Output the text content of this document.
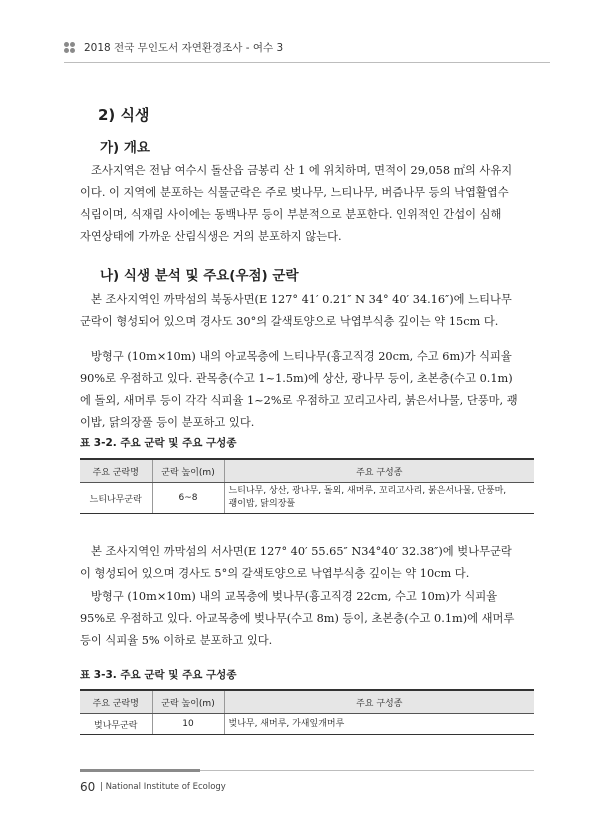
2018 전국 무인도서 자연환경조사 - 여수 3
2) 식생
가) 개요
조사지역은 전남 여수시 돌산읍 금봉리 산 1 에 위치하며, 면적이 29,058 ㎡의 사유지
이다. 이 지역에 분포하는 식물군락은 주로 벚나무, 느티나무, 버즘나무 등의 낙엽활엽수
식림이며, 식재림 사이에는 동백나무 등이 부분적으로 분포한다. 인위적인 간섭이 심해
자연상태에 가까운 산림식생은 거의 분포하지 않는다.
나) 식생 분석 및 주요(우점) 군락
본 조사지역인 까막섬의 북동사면(E 127° 41′ 0.21″ N 34° 40′ 34.16″)에 느티나무
군락이 형성되어 있으며 경사도 30°의 갈색토양으로 낙엽부식층 깊이는 약 15cm 다.
방형구 (10m×10m) 내의 아교목층에 느티나무(흉고직경 20cm, 수고 6m)가 식피율
90%로 우점하고 있다. 관목층(수고 1~1.5m)에 상산, 광나무 등이, 초본층(수고 0.1m)
에 돌외, 새머루 등이 각각 식피율 1~2%로 우점하고 꼬리고사리, 붉은서나물, 단풍마, 괭
이밥, 닭의장풀 등이 분포하고 있다.
표 3-2. 주요 군락 및 주요 구성종
주요 군락명	군락 높이(m)	주요 구성종
느티나무군락	6~8	느티나무, 상산, 광나무, 돌외, 새머루, 꼬리고사리, 붉은서나물, 단풍마,
괭이밥, 닭의장풀
본 조사지역인 까막섬의 서사면(E 127° 40′ 55.65″ N34°40′ 32.38″)에 벚나무군락
이 형성되어 있으며 경사도 5°의 갈색토양으로 낙엽부식층 깊이는 약 10cm 다.
방형구 (10m×10m) 내의 교목층에 벚나무(흉고직경 22cm, 수고 10m)가 식피율
95%로 우점하고 있다. 아교목층에 벚나무(수고 8m) 등이, 초본층(수고 0.1m)에 새머루
등이 식피율 5% 이하로 분포하고 있다.
표 3-3. 주요 군락 및 주요 구성종
주요 군락명	군락 높이(m)	주요 구성종
벚나무군락	10	벚나무, 새머루, 가새잎개머루
60 | National Institute of Ecology
